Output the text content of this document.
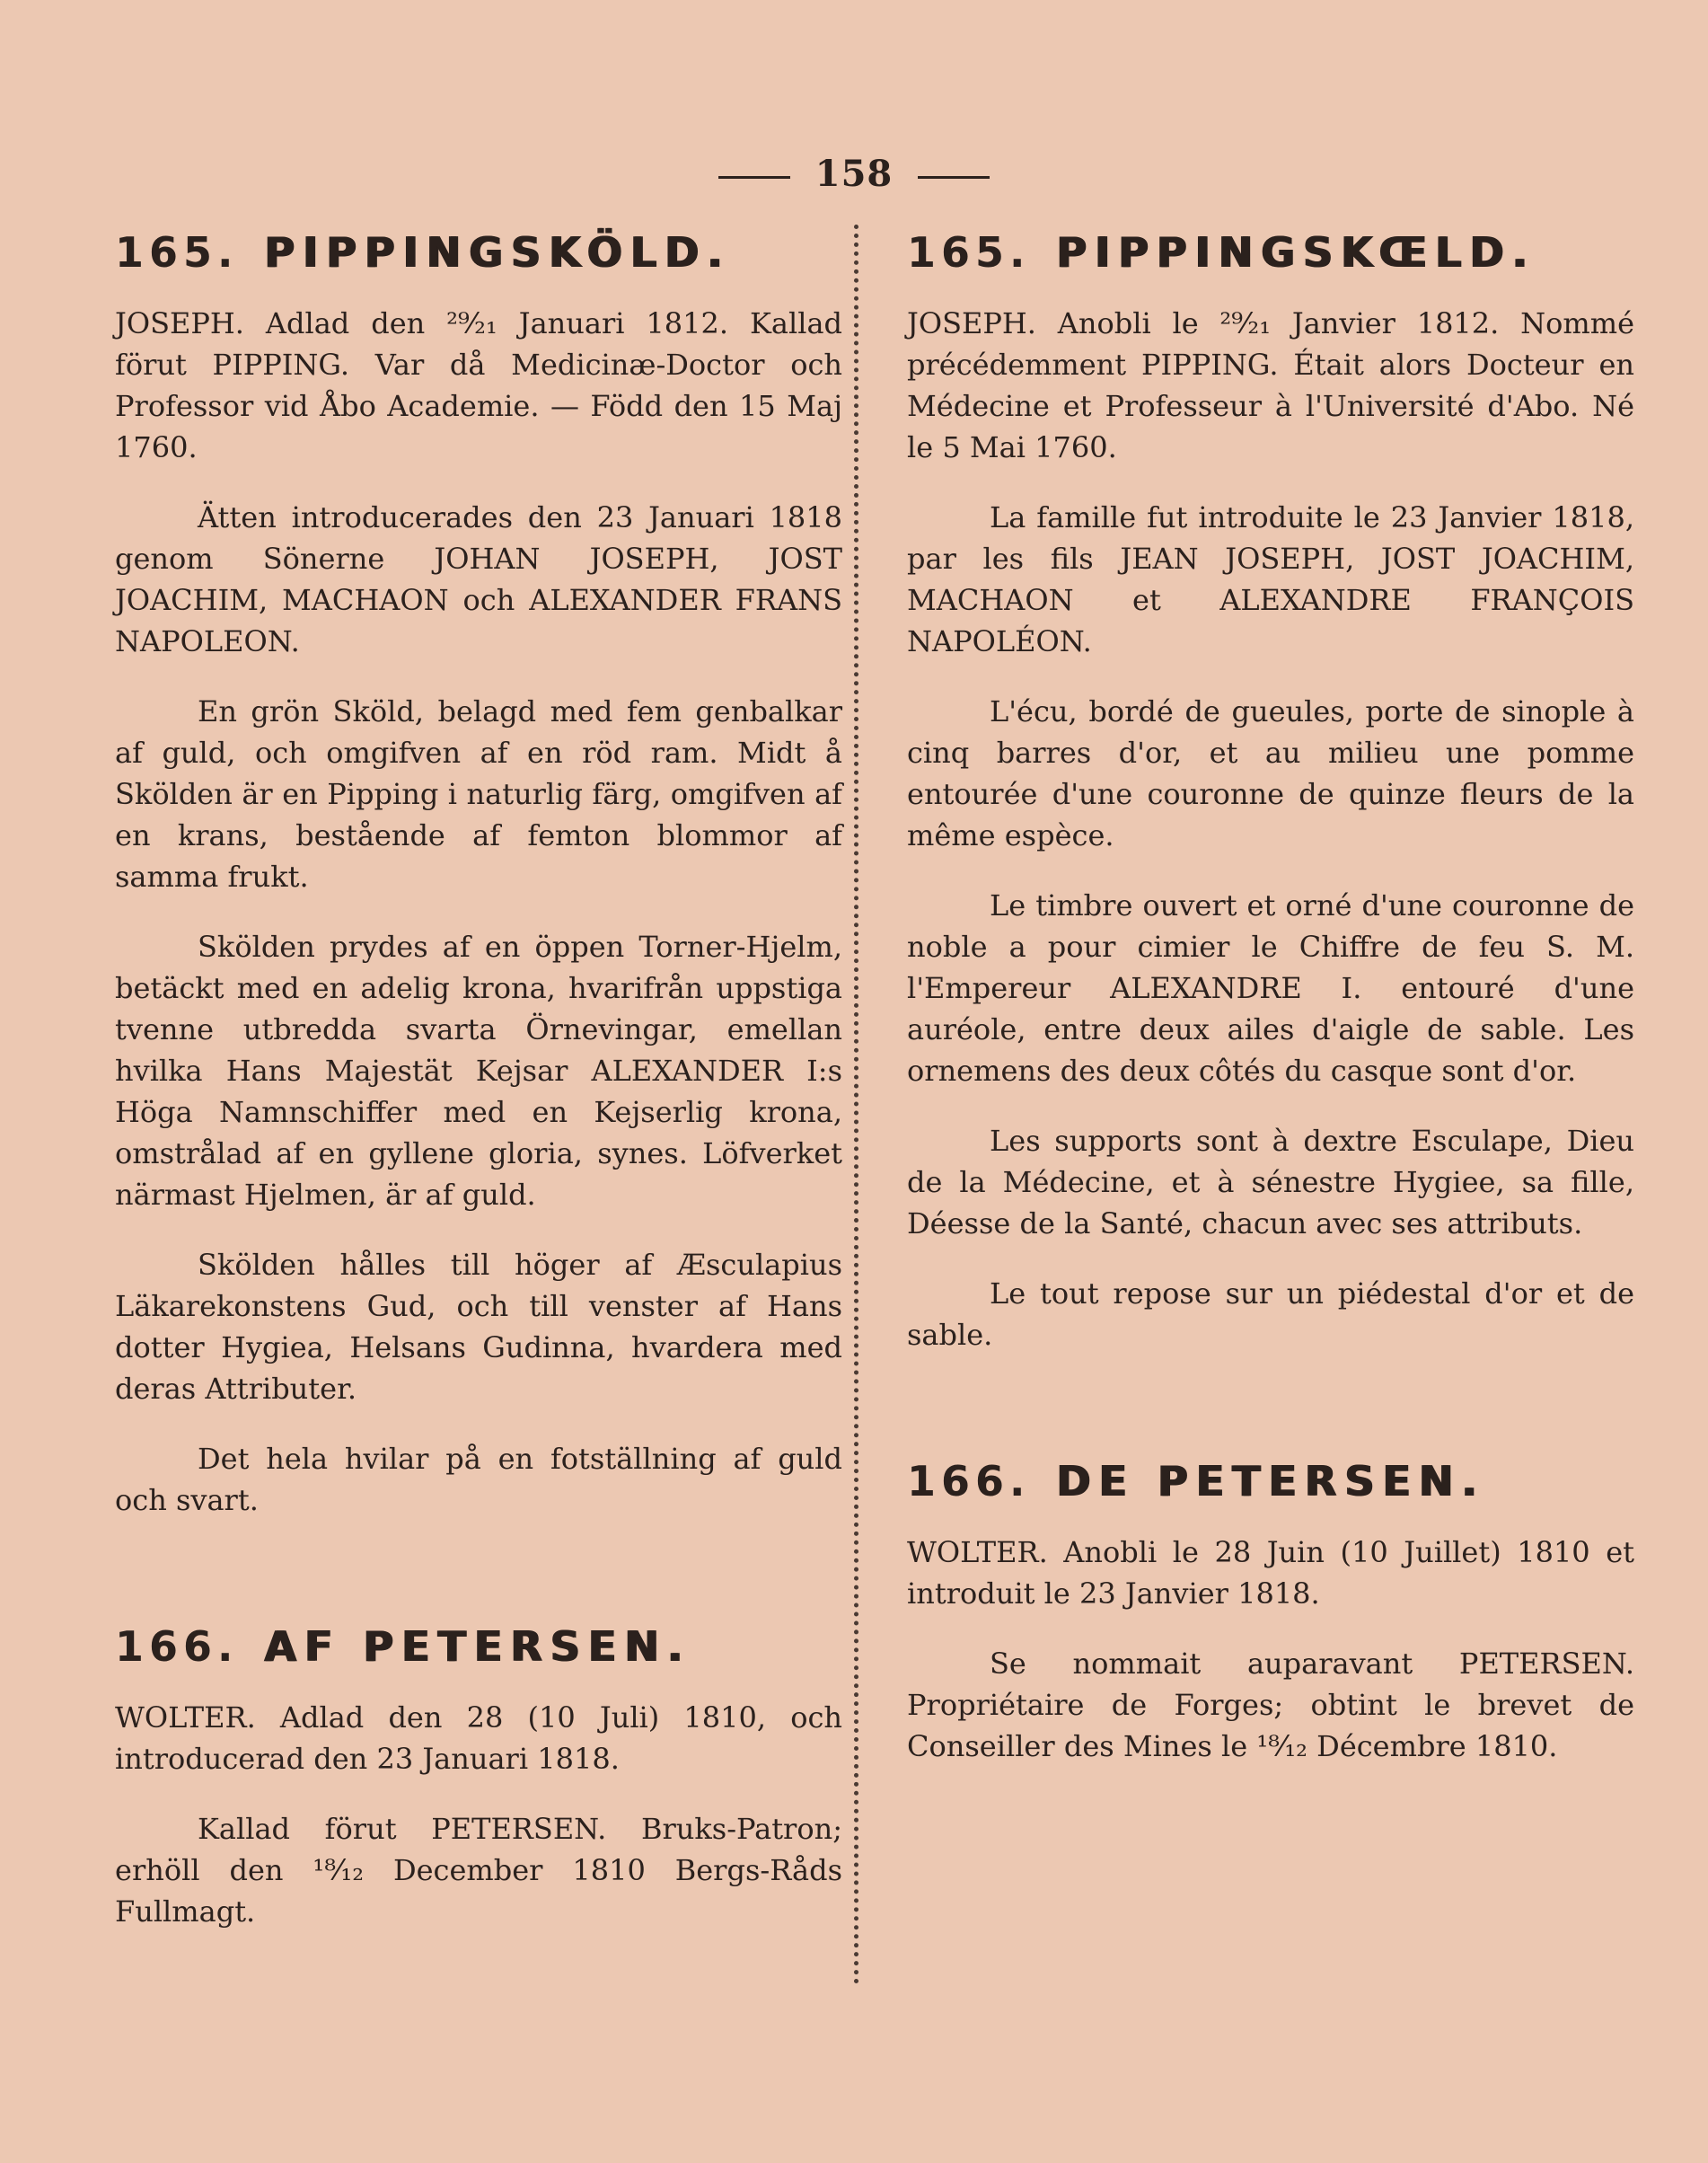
158
165. PIPPINGSKÖLD.

JOSEPH. Adlad den ²⁹⁄₂₁ Januari 1812. Kallad förut PIPPING. Var då Medicinæ-Doctor och Professor vid Åbo Academie. — Född den 15 Maj 1760.

Ätten introducerades den 23 Januari 1818 genom Sönerne JOHAN JOSEPH, JOST JOACHIM, MACHAON och ALEXANDER FRANS NAPOLEON.

En grön Sköld, belagd med fem genbalkar af guld, och omgifven af en röd ram. Midt å Skölden är en Pipping i naturlig färg, omgifven af en krans, bestående af femton blommor af samma frukt.

Skölden prydes af en öppen Torner-Hjelm, betäckt med en adelig krona, hvarifrån uppstiga tvenne utbredda svarta Örnevingar, emellan hvilka Hans Majestät Kejsar ALEXANDER I:s Höga Namnschiffer med en Kejserlig krona, omstrålad af en gyllene gloria, synes. Löfverket närmast Hjelmen, är af guld.

Skölden hålles till höger af Æsculapius Läkarekonstens Gud, och till venster af Hans dotter Hygiea, Helsans Gudinna, hvardera med deras Attributer.

Det hela hvilar på en fotställning af guld och svart.

166. AF PETERSEN.

WOLTER. Adlad den 28 (10 Juli) 1810, och introducerad den 23 Januari 1818.

Kallad förut PETERSEN. Bruks-Patron; erhöll den ¹⁸⁄₁₂ December 1810 Bergs-Råds Fullmagt.

165. PIPPINGSKŒLD.

JOSEPH. Anobli le ²⁹⁄₂₁ Janvier 1812. Nommé précédemment PIPPING. Était alors Docteur en Médecine et Professeur à l'Université d'Abo. Né le 5 Mai 1760.

La famille fut introduite le 23 Janvier 1818, par les fils JEAN JOSEPH, JOST JOACHIM, MACHAON et ALEXANDRE FRANÇOIS NAPOLÉON.

L'écu, bordé de gueules, porte de sinople à cinq barres d'or, et au milieu une pomme entourée d'une couronne de quinze fleurs de la même espèce.

Le timbre ouvert et orné d'une couronne de noble a pour cimier le Chiffre de feu S. M. l'Empereur ALEXANDRE I. entouré d'une auréole, entre deux ailes d'aigle de sable. Les ornemens des deux côtés du casque sont d'or.

Les supports sont à dextre Esculape, Dieu de la Médecine, et à sénestre Hygiee, sa fille, Déesse de la Santé, chacun avec ses attributs.

Le tout repose sur un piédestal d'or et de sable.

166. DE PETERSEN.

WOLTER. Anobli le 28 Juin (10 Juillet) 1810 et introduit le 23 Janvier 1818.

Se nommait auparavant PETERSEN. Propriétaire de Forges; obtint le brevet de Conseiller des Mines le ¹⁸⁄₁₂ Décembre 1810.
